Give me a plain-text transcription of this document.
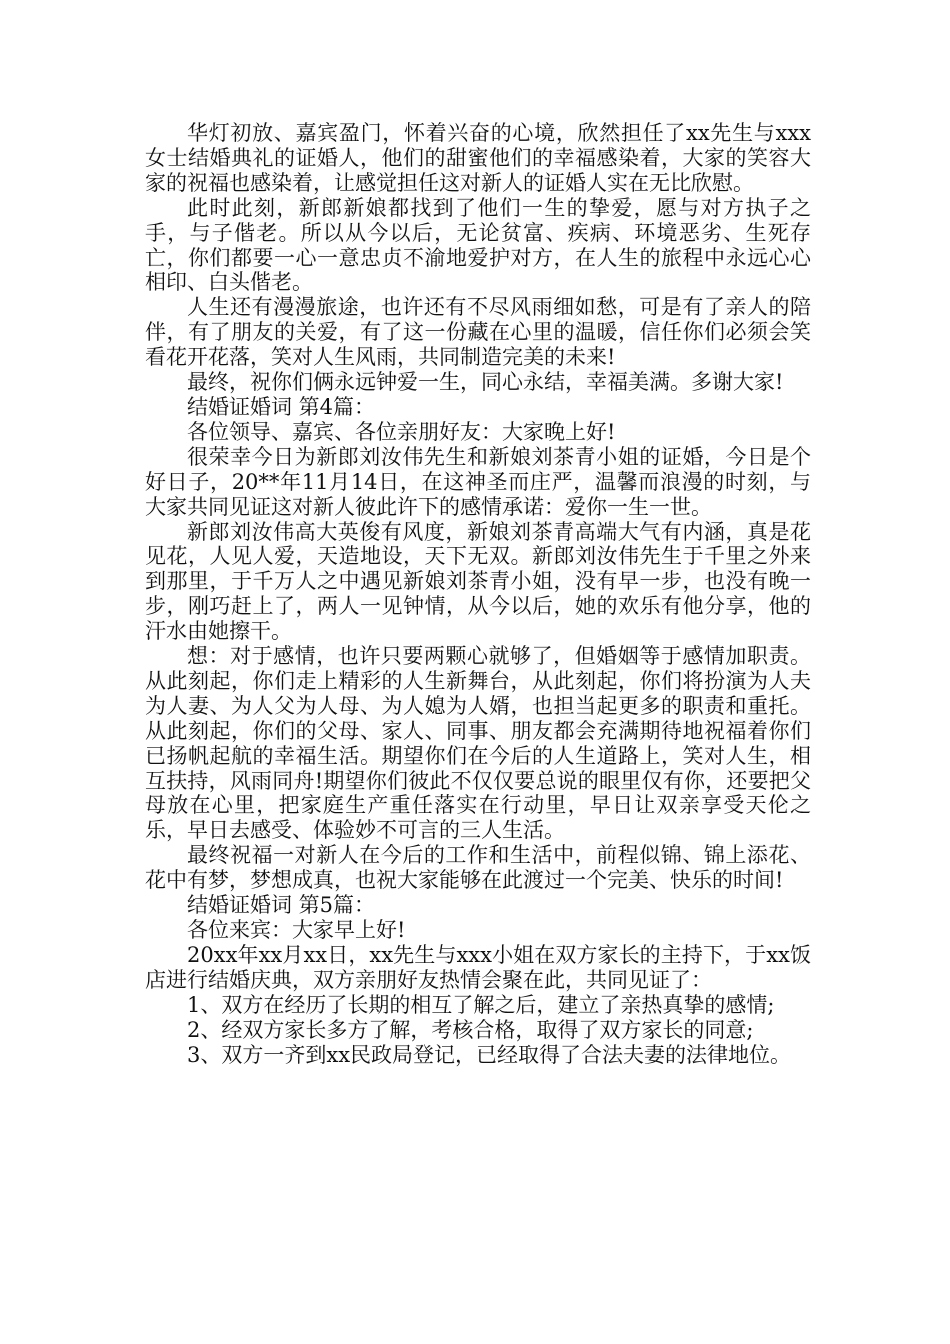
华灯初放、嘉宾盈门，怀着兴奋的心境，欣然担任了xx先生与xxx女士结婚典礼的证婚人，他们的甜蜜他们的幸福感染着，大家的笑容大家的祝福也感染着，让感觉担任这对新人的证婚人实在无比欣慰。

此时此刻，新郎新娘都找到了他们一生的挚爱，愿与对方执子之手，与子偕老。所以从今以后，无论贫富、疾病、环境恶劣、生死存亡，你们都要一心一意忠贞不渝地爱护对方，在人生的旅程中永远心心相印、白头偕老。

人生还有漫漫旅途，也许还有不尽风雨细如愁，可是有了亲人的陪伴，有了朋友的关爱，有了这一份藏在心里的温暖，信任你们必须会笑看花开花落，笑对人生风雨，共同制造完美的未来!

最终，祝你们俩永远钟爱一生，同心永结，幸福美满。多谢大家!

结婚证婚词 第4篇：

各位领导、嘉宾、各位亲朋好友：大家晚上好!

很荣幸今日为新郎刘汝伟先生和新娘刘茶青小姐的证婚，今日是个好日子，20**年11月14日，在这神圣而庄严，温馨而浪漫的时刻，与大家共同见证这对新人彼此许下的感情承诺：爱你一生一世。

新郎刘汝伟高大英俊有风度，新娘刘茶青高端大气有内涵，真是花见花，人见人爱，天造地设，天下无双。新郎刘汝伟先生于千里之外来到那里，于千万人之中遇见新娘刘茶青小姐，没有早一步，也没有晚一步，刚巧赶上了，两人一见钟情，从今以后，她的欢乐有他分享，他的汗水由她擦干。

想：对于感情，也许只要两颗心就够了，但婚姻等于感情加职责。从此刻起，你们走上精彩的人生新舞台，从此刻起，你们将扮演为人夫为人妻、为人父为人母、为人媳为人婿，也担当起更多的职责和重托。从此刻起，你们的父母、家人、同事、朋友都会充满期待地祝福着你们已扬帆起航的幸福生活。期望你们在今后的人生道路上，笑对人生，相互扶持，风雨同舟!期望你们彼此不仅仅要总说的眼里仅有你，还要把父母放在心里，把家庭生产重任落实在行动里，早日让双亲享受天伦之乐，早日去感受、体验妙不可言的三人生活。

最终祝福一对新人在今后的工作和生活中，前程似锦、锦上添花、花中有梦，梦想成真，也祝大家能够在此渡过一个完美、快乐的时间!

结婚证婚词 第5篇：

各位来宾：大家早上好!

20xx年xx月xx日，xx先生与xxx小姐在双方家长的主持下，于xx饭店进行结婚庆典，双方亲朋好友热情会聚在此，共同见证了：

1、双方在经历了长期的相互了解之后，建立了亲热真挚的感情;

2、经双方家长多方了解，考核合格，取得了双方家长的同意;

3、双方一齐到xx民政局登记，已经取得了合法夫妻的法律地位。
